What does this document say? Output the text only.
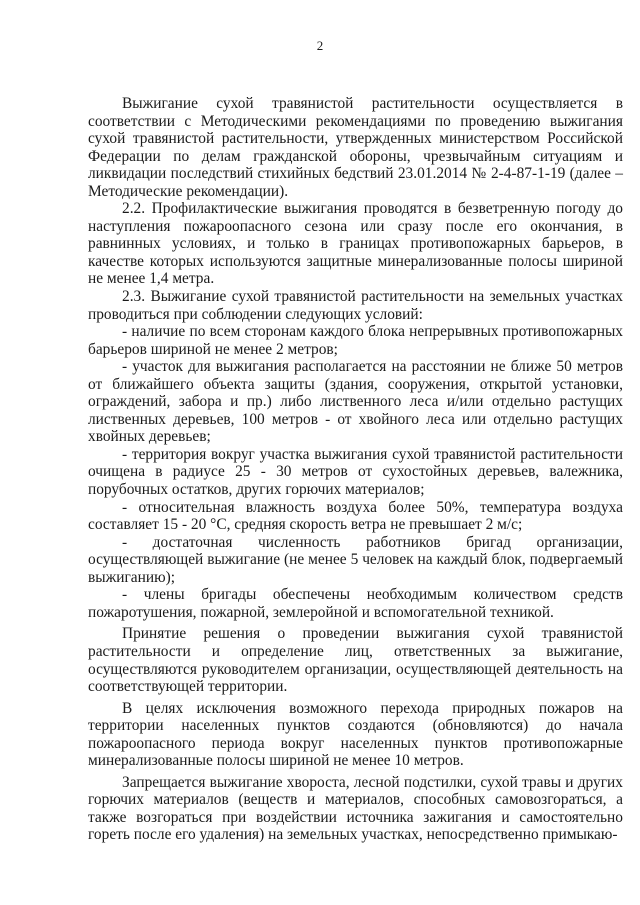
2

Выжигание сухой травянистой растительности осуществляется в соответствии с Методическими рекомендациями по проведению выжигания сухой травянистой растительности, утвержденных министерством Российской Федерации по делам гражданской обороны, чрезвычайным ситуациям и ликвидации последствий стихийных бедствий 23.01.2014 № 2-4-87-1-19 (далее – Методические рекомендации).

2.2. Профилактические выжигания проводятся в безветренную погоду до наступления пожароопасного сезона или сразу после его окончания, в равнинных условиях, и только в границах противопожарных барьеров, в качестве которых используются защитные минерализованные полосы шириной не менее 1,4 метра.

2.3. Выжигание сухой травянистой растительности на земельных участках проводиться при соблюдении следующих условий:

- наличие по всем сторонам каждого блока непрерывных противопожарных барьеров шириной не менее 2 метров;

- участок для выжигания располагается на расстоянии не ближе 50 метров от ближайшего объекта защиты (здания, сооружения, открытой установки, ограждений, забора и пр.) либо лиственного леса и/или отдельно растущих лиственных деревьев, 100 метров - от хвойного леса или отдельно растущих хвойных деревьев;

- территория вокруг участка выжигания сухой травянистой растительности очищена в радиусе 25 - 30 метров от сухостойных деревьев, валежника, порубочных остатков, других горючих материалов;

- относительная влажность воздуха более 50%, температура воздуха составляет 15 - 20 °С, средняя скорость ветра не превышает 2 м/с;

- достаточная численность работников бригад организации, осуществляющей выжигание (не менее 5 человек на каждый блок, подвергаемый выжиганию);

- члены бригады обеспечены необходимым количеством средств пожаротушения, пожарной, землеройной и вспомогательной техникой.

Принятие решения о проведении выжигания сухой травянистой растительности и определение лиц, ответственных за выжигание, осуществляются руководителем организации, осуществляющей деятельность на соответствующей территории.

В целях исключения возможного перехода природных пожаров на территории населенных пунктов создаются (обновляются) до начала пожароопасного периода вокруг населенных пунктов противопожарные минерализованные полосы шириной не менее 10 метров.

Запрещается выжигание хвороста, лесной подстилки, сухой травы и других горючих материалов (веществ и материалов, способных самовозгораться, а также возгораться при воздействии источника зажигания и самостоятельно гореть после его удаления) на земельных участках, непосредственно примыкаю-
